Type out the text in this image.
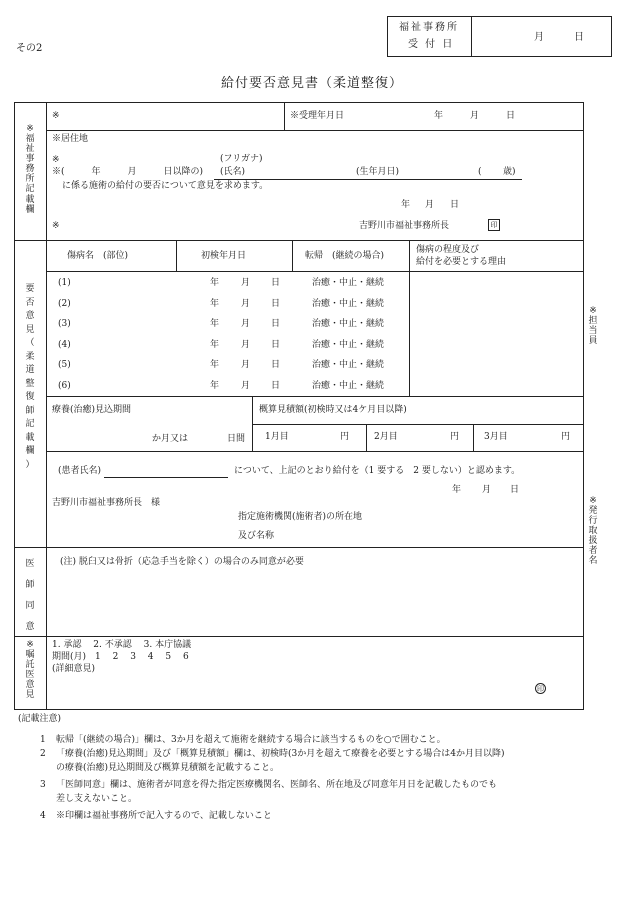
その2
福祉事務所
受 付 日
月　　　日
給付要否意見書（柔道整復）
※
福
祉
事
務
所
記
載
欄
※	※受理年月日	年	月	日
※居住地
※	(フリガナ)
※(　　　年　　　月　　　日以降の) (氏名)	(生年月日)	( 歳)
に係る施術の給付の要否について意見を求めます。
年 月 日
※	吉野川市福祉事務所長	印
要
否
意
見
（
柔
道
整
復
師
記
載
欄
）
傷病名　(部位)	初検年月日	転帰　(継続の場合)
傷病の程度及び
給付を必要とする理由
(1)	年 月 日	治癒・中止・継続
(2)	年 月 日	治癒・中止・継続
(3)	年 月 日	治癒・中止・継続
(4)	年 月 日	治癒・中止・継続
(5)	年 月 日	治癒・中止・継続
(6)	年 月 日	治癒・中止・継続
療養(治癒)見込期間	概算見積額(初検時又は4ケ月目以降)
か月又は	日間 1月目	円	2月目	円	3月目	円
(患者氏名)	について、上記のとおり給付を（1 要する　2 要しない）と認めます。
年 月 日
吉野川市福祉事務所長　様
指定施術機関(施術者)の所在地
及び名称
医
師
同
意
(注) 脱臼又は骨折（応急手当を除く）の場合のみ同意が必要
※
嘱
託
医
意
見
1. 承認　 2. 不承認　 3. 本庁協議
期間(月)　1　 2　 3　 4　 5　 6
(詳細意見)
印
※
担
当
員
※
発
行
取
扱
者
名
(記載注意)
1 転帰「(継続の場合)」欄は、3か月を超えて施術を継続する場合に該当するものを○で囲むこと。
2 「療養(治癒)見込期間」及び「概算見積額」欄は、初検時(3か月を超えて療養を必要とする場合は4か月目以降)
の療養(治癒)見込期間及び概算見積額を記載すること。
3 「医師同意」欄は、施術者が同意を得た指定医療機関名、医師名、所在地及び同意年月日を記載したものでも
差し支えないこと。
4 ※印欄は福祉事務所で記入するので、記載しないこと
